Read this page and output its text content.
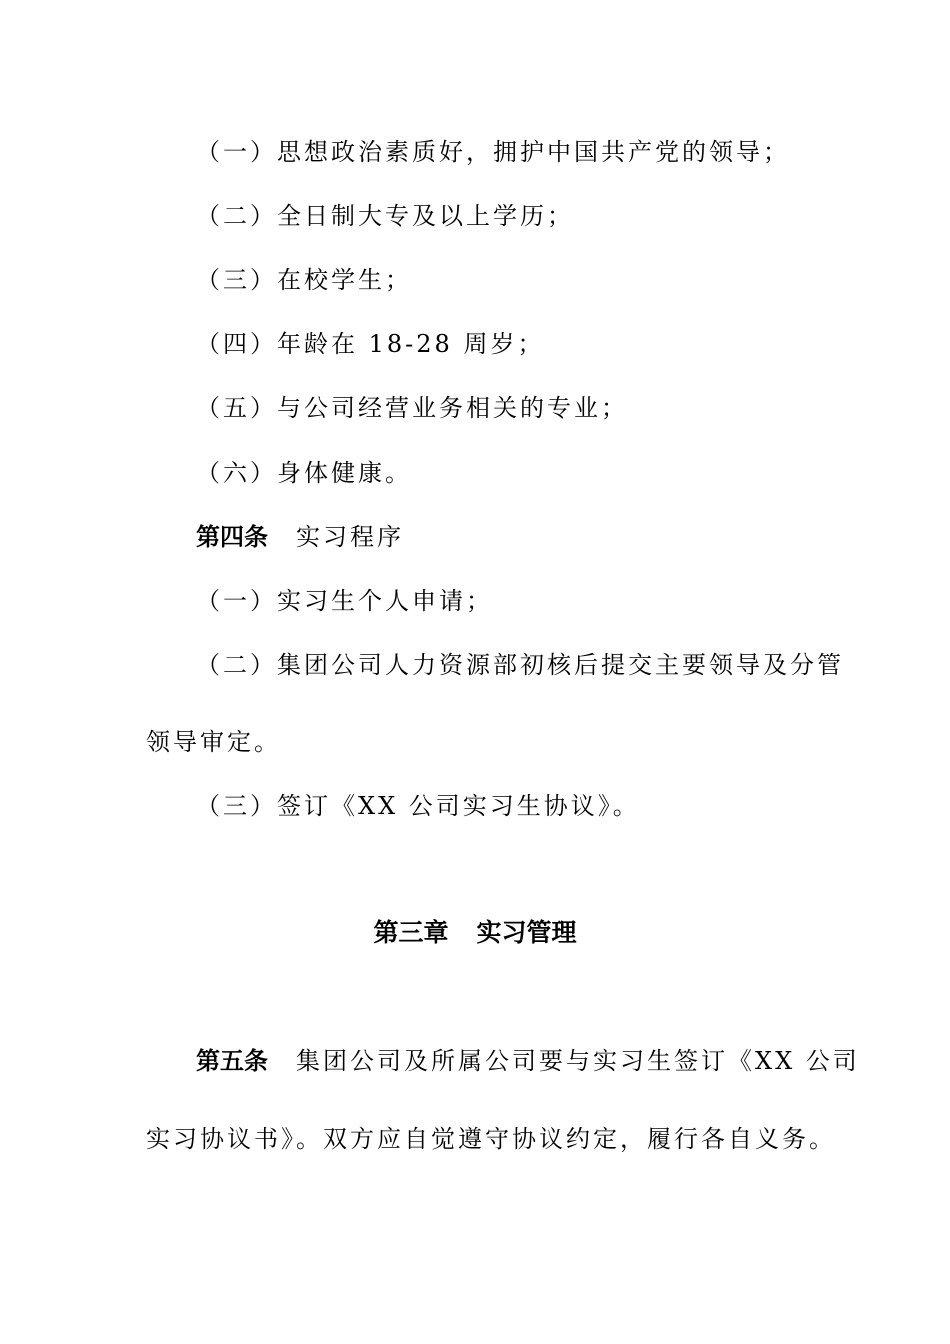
（一）思想政治素质好，拥护中国共产党的领导；
（二）全日制大专及以上学历；
（三）在校学生；
（四）年龄在 18-28 周岁；
（五）与公司经营业务相关的专业；
（六）身体健康。
第四条 实习程序
（一）实习生个人申请；
（二）集团公司人力资源部初核后提交主要领导及分管
领导审定。
（三）签订《XX 公司实习生协议》。
第三章 实习管理
第五条 集团公司及所属公司要与实习生签订《XX 公司
实习协议书》。双方应自觉遵守协议约定，履行各自义务。
